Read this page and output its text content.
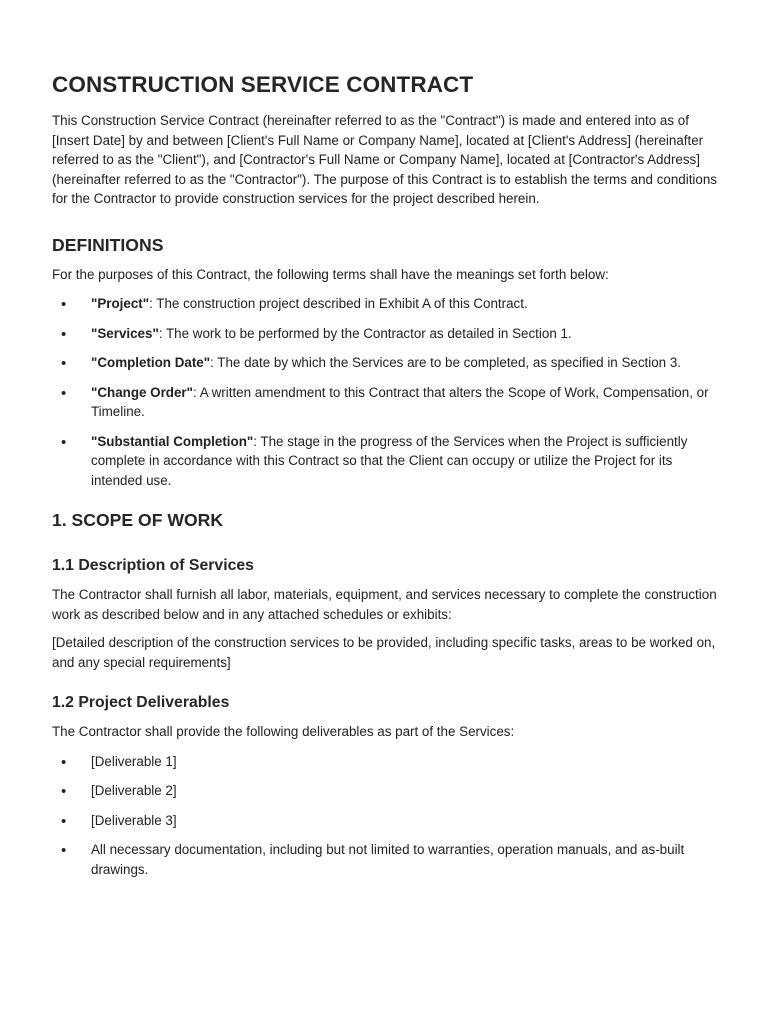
CONSTRUCTION SERVICE CONTRACT

This Construction Service Contract (hereinafter referred to as the "Contract") is made and entered into as of [Insert Date] by and between [Client's Full Name or Company Name], located at [Client's Address] (hereinafter referred to as the "Client"), and [Contractor's Full Name or Company Name], located at [Contractor's Address] (hereinafter referred to as the "Contractor"). The purpose of this Contract is to establish the terms and conditions for the Contractor to provide construction services for the project described herein.

DEFINITIONS

For the purposes of this Contract, the following terms shall have the meanings set forth below:

• "Project": The construction project described in Exhibit A of this Contract.
• "Services": The work to be performed by the Contractor as detailed in Section 1.
• "Completion Date": The date by which the Services are to be completed, as specified in Section 3.
• "Change Order": A written amendment to this Contract that alters the Scope of Work, Compensation, or Timeline.
• "Substantial Completion": The stage in the progress of the Services when the Project is sufficiently complete in accordance with this Contract so that the Client can occupy or utilize the Project for its intended use.
1. SCOPE OF WORK
1.1 Description of Services

The Contractor shall furnish all labor, materials, equipment, and services necessary to complete the construction work as described below and in any attached schedules or exhibits:

[Detailed description of the construction services to be provided, including specific tasks, areas to be worked on, and any special requirements]

1.2 Project Deliverables

The Contractor shall provide the following deliverables as part of the Services:

• [Deliverable 1]
• [Deliverable 2]
• [Deliverable 3]
• All necessary documentation, including but not limited to warranties, operation manuals, and as-built drawings.
